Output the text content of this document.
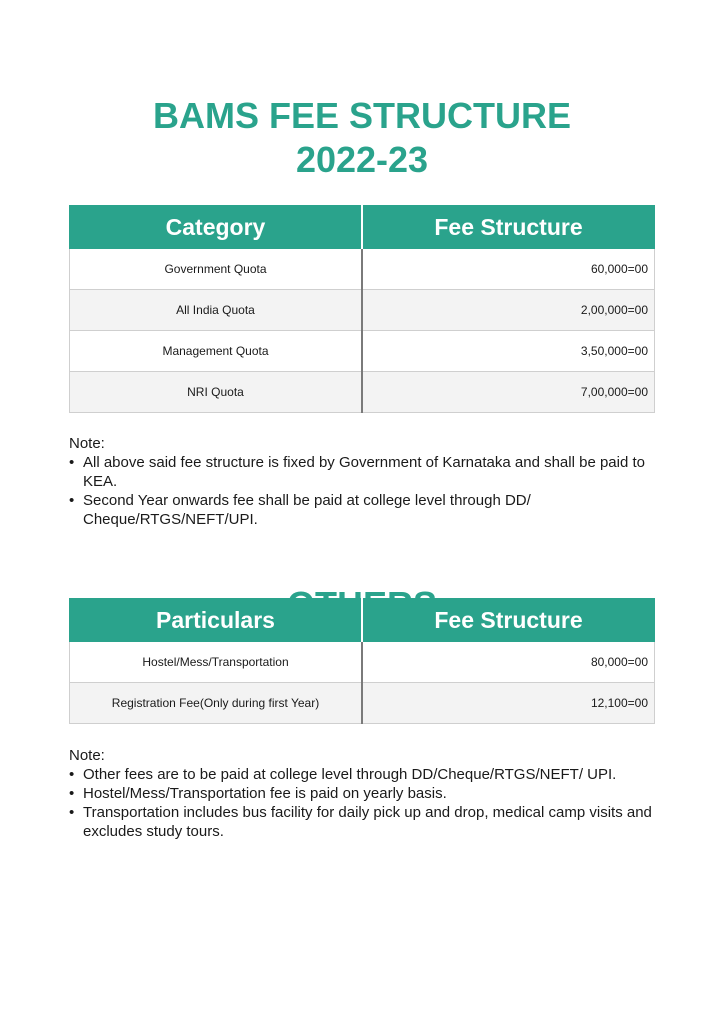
BAMS FEE STRUCTURE
2022-23
Category	Fee Structure
Government Quota	60,000=00
All India Quota	2,00,000=00
Management Quota	3,50,000=00
NRI Quota	7,00,000=00
Note:
• All above said fee structure is fixed by Government of Karnataka and shall be paid to KEA.
• Second Year onwards fee shall be paid at college level through DD/ Cheque/RTGS/NEFT/UPI.
Particulars	Fee Structure
Hostel/Mess/Transportation	80,000=00
Registration Fee(Only during first Year)	12,100=00
Note:
• Other fees are to be paid at college level through DD/Cheque/RTGS/NEFT/ UPI.
• Hostel/Mess/Transportation fee is paid on yearly basis.
• Transportation includes bus facility for daily pick up and drop, medical camp visits and excludes study tours.
